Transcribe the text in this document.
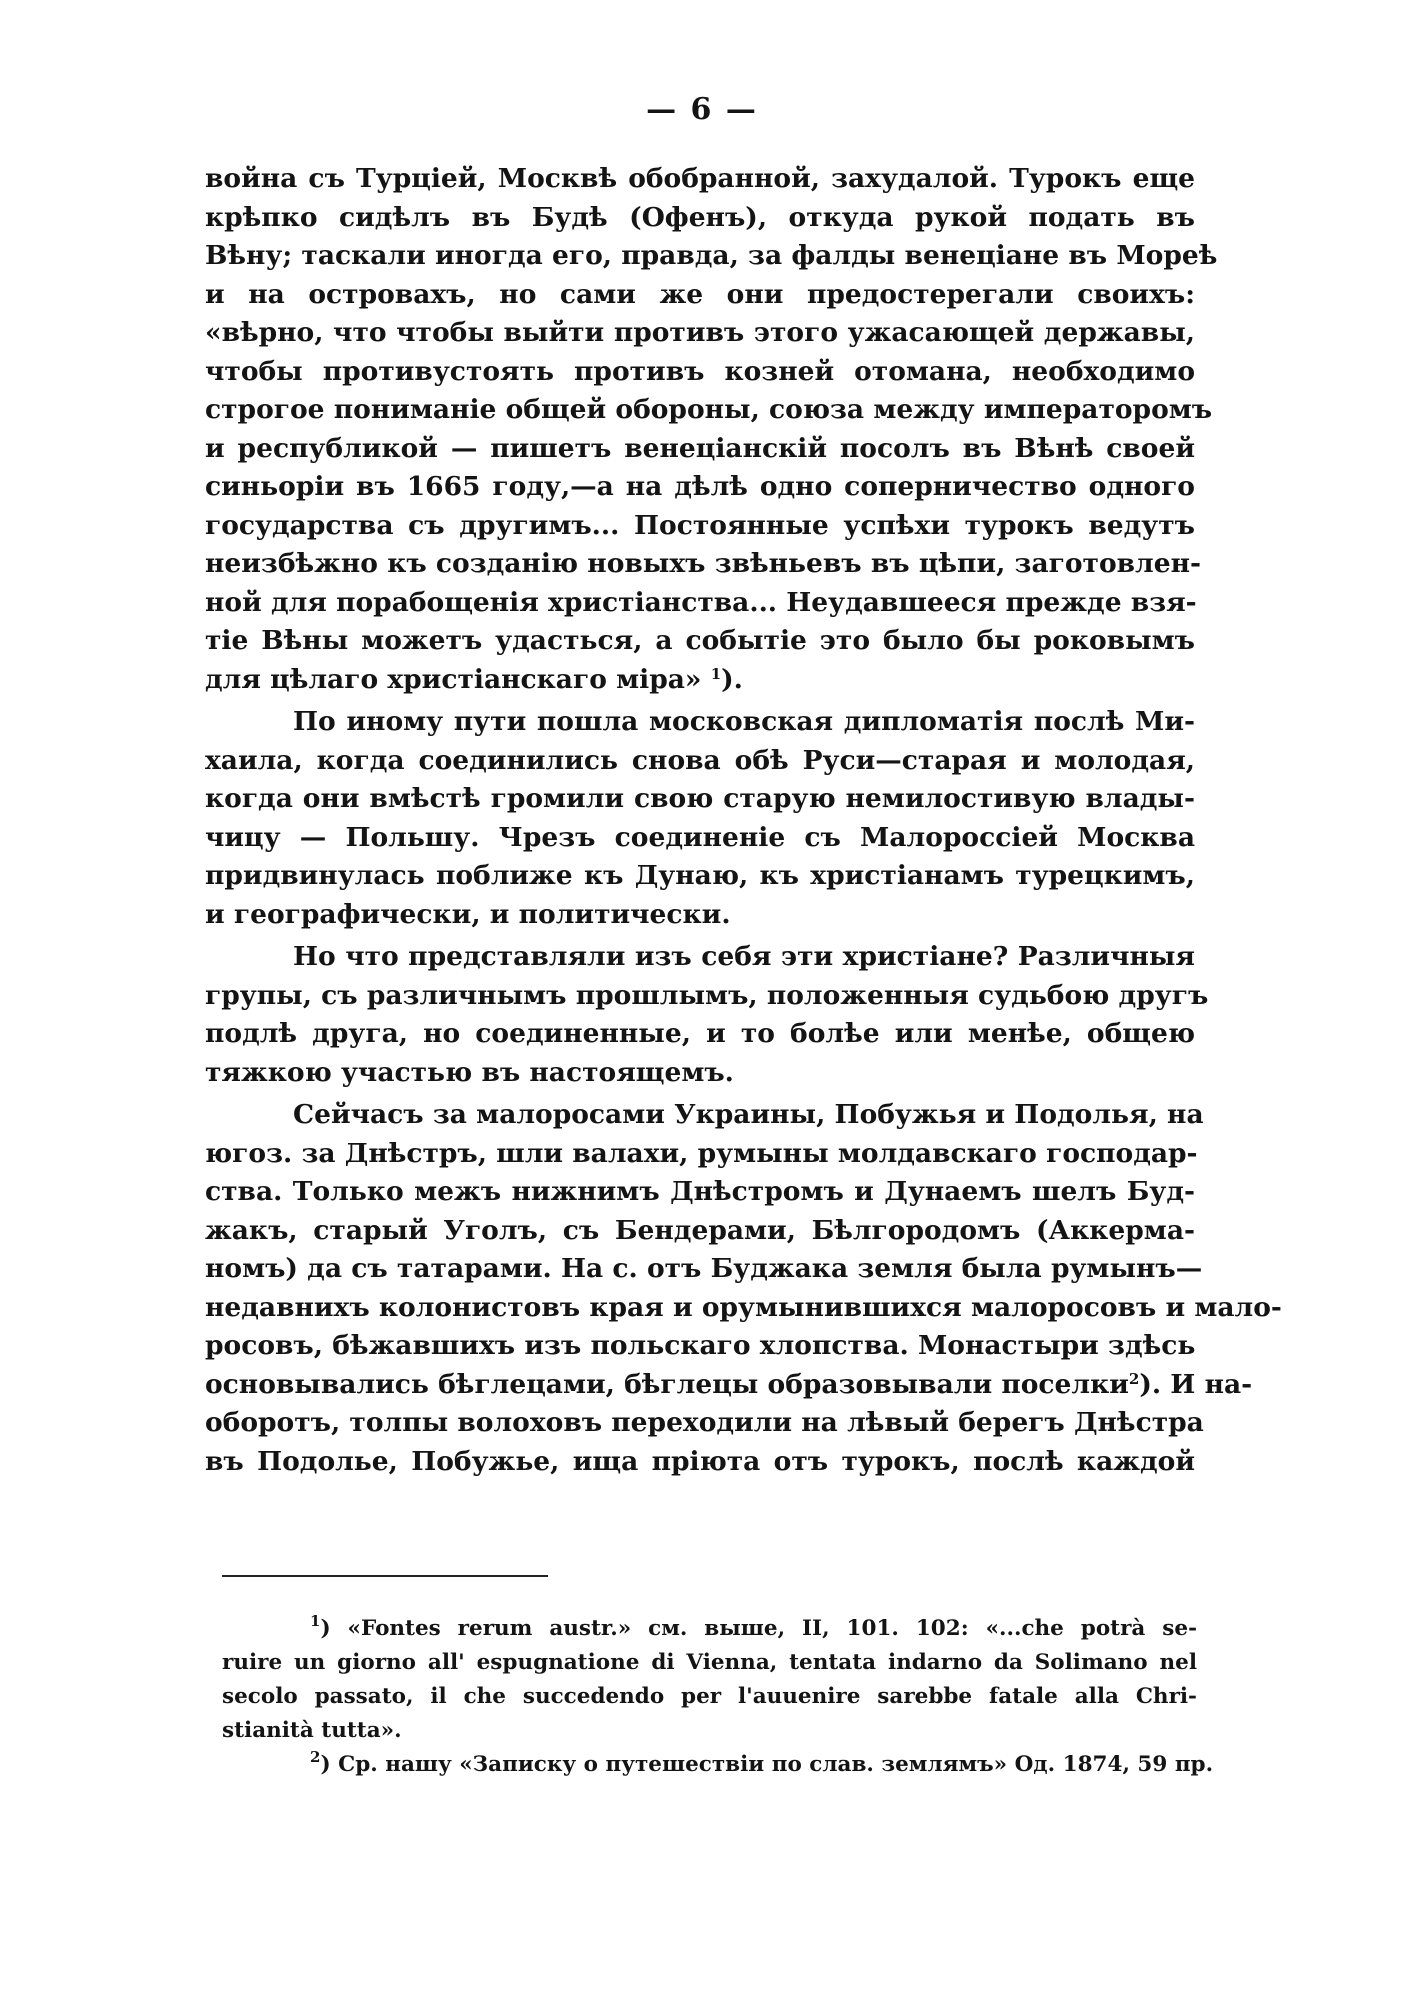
— 6 —
война съ Турціей, Москвѣ обобранной, захудалой. Турокъ еще
крѣпко сидѣлъ въ Будѣ (Офенъ), откуда рукой подать въ
Вѣну; таскали иногда его, правда, за фалды венеціане въ Мореѣ
и на островахъ, но сами же они предостерегали своихъ:
«вѣрно, что чтобы выйти противъ этого ужасающей державы,
чтобы противустоять противъ козней отомана, необходимо
строгое пониманіе общей обороны, союза между императоромъ
и республикой — пишетъ венеціанскій посолъ въ Вѣнѣ своей
синьоріи въ 1665 году,—а на дѣлѣ одно соперничество одного
государства съ другимъ... Постоянные успѣхи турокъ ведутъ
неизбѣжно къ созданію новыхъ звѣньевъ въ цѣпи, заготовлен-
ной для порабощенія христіанства... Неудавшееся прежде взя-
тіе Вѣны можетъ удасться, а событіе это было бы роковымъ
для цѣлаго христіанскаго міра» $^1$).
По иному пути пошла московская дипломатія послѣ Ми-
хаила, когда соединились снова обѣ Руси—старая и молодая,
когда они вмѣстѣ громили свою старую немилостивую влады-
чицу — Польшу. Чрезъ соединеніе съ Малороссіей Москва
придвинулась поближе къ Дунаю, къ христіанамъ турецкимъ,
и географически, и политически.
Но что представляли изъ себя эти христіане? Различныя
групы, съ различнымъ прошлымъ, положенныя судьбою другъ
подлѣ друга, но соединенные, и то болѣе или менѣе, общею
тяжкою участью въ настоящемъ.
Сейчасъ за малоросами Украины, Побужья и Подолья, на
югоз. за Днѣстръ, шли валахи, румыны молдавскаго господар-
ства. Только межъ нижнимъ Днѣстромъ и Дунаемъ шелъ Буд-
жакъ, старый Уголъ, съ Бендерами, Бѣлгородомъ (Аккерма-
номъ) да съ татарами. На с. отъ Буджака земля была румынъ—
недавнихъ колонистовъ края и орумынившихся малоросовъ и мало-
росовъ, бѣжавшихъ изъ польскаго хлопства. Монастыри здѣсь
основывались бѣглецами, бѣглецы образовывали поселки$^2$). И на-
оборотъ, толпы волоховъ переходили на лѣвый берегъ Днѣстра
въ Подолье, Побужье, ища пріюта отъ турокъ, послѣ каждой
$^1$) «Fontes rerum austr.» см. выше, II, 101. 102: «...che potrà se-
ruire un giorno all' espugnatione di Vienna, tentata indarno da Solimano nel
secolo passato, il che succedendo per l'auuenire sarebbe fatale alla Chri-
stianità tutta».
$^2$) Ср. нашу «Записку о путешествіи по слав. землямъ» Од. 1874, 59 пр.
